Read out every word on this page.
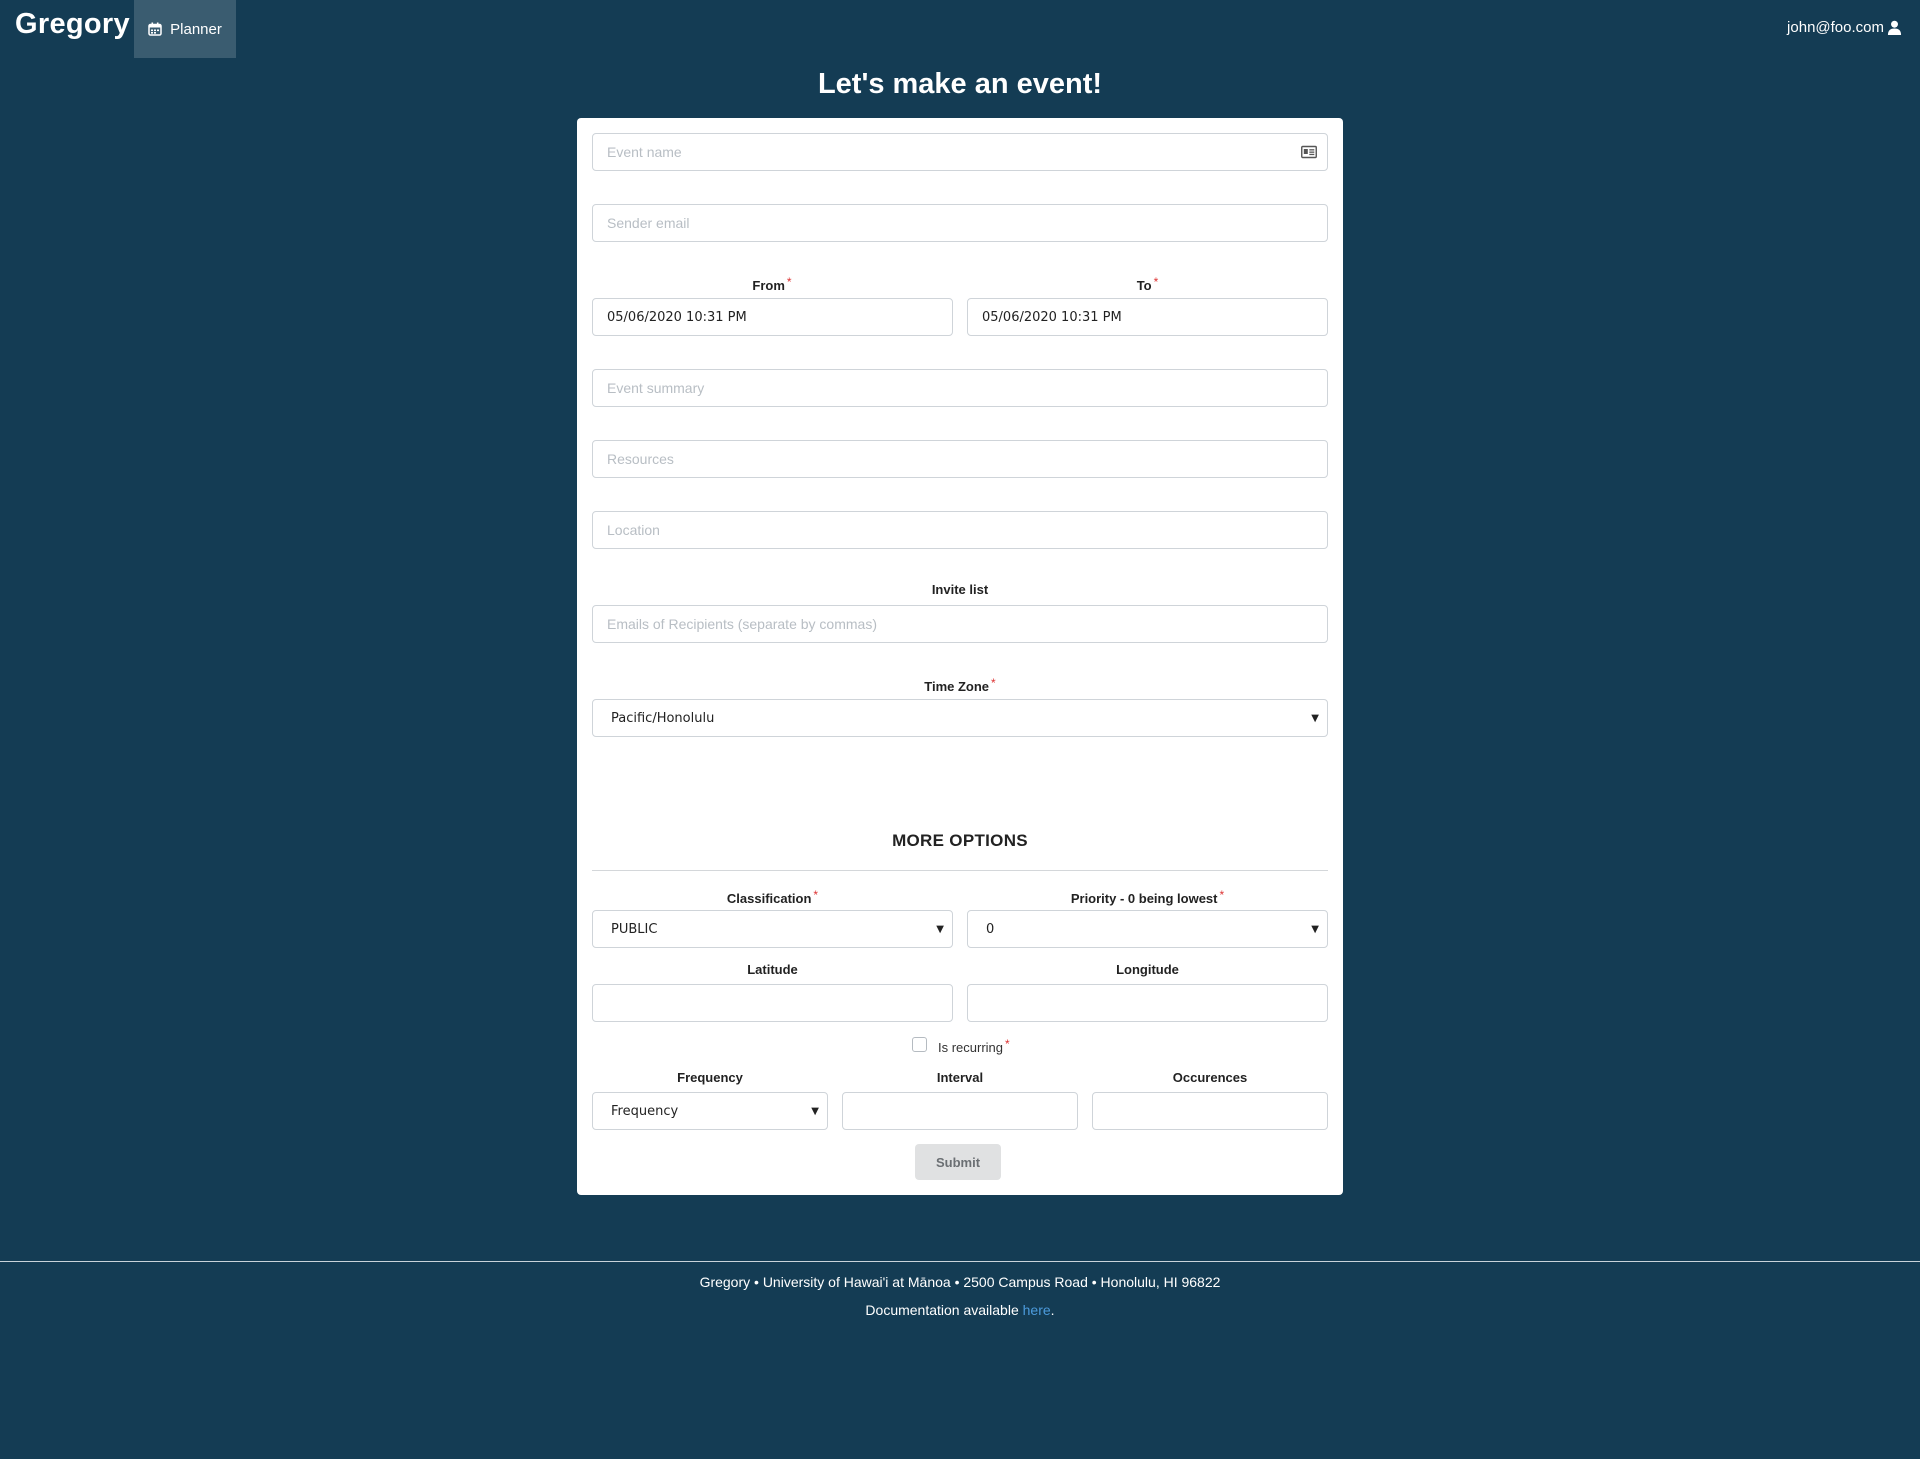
Gregory	Planner	john@foo.com
Let's make an event!
Event name
Sender email
From *	To *
05/06/2020 10:31 PM	05/06/2020 10:31 PM
Event summary
Resources
Location
Invite list
Emails of Recipients (separate by commas)
Time Zone *
Pacific/Honolulu	▼
MORE OPTIONS
Classification *	Priority - 0 being lowest *
PUBLIC	▼	0	▼
Latitude	Longitude
Is recurring *
Frequency	Interval	Occurences
Frequency	▼
Submit
Gregory • University of Hawai'i at Mānoa • 2500 Campus Road • Honolulu, HI 96822
Documentation available here.
